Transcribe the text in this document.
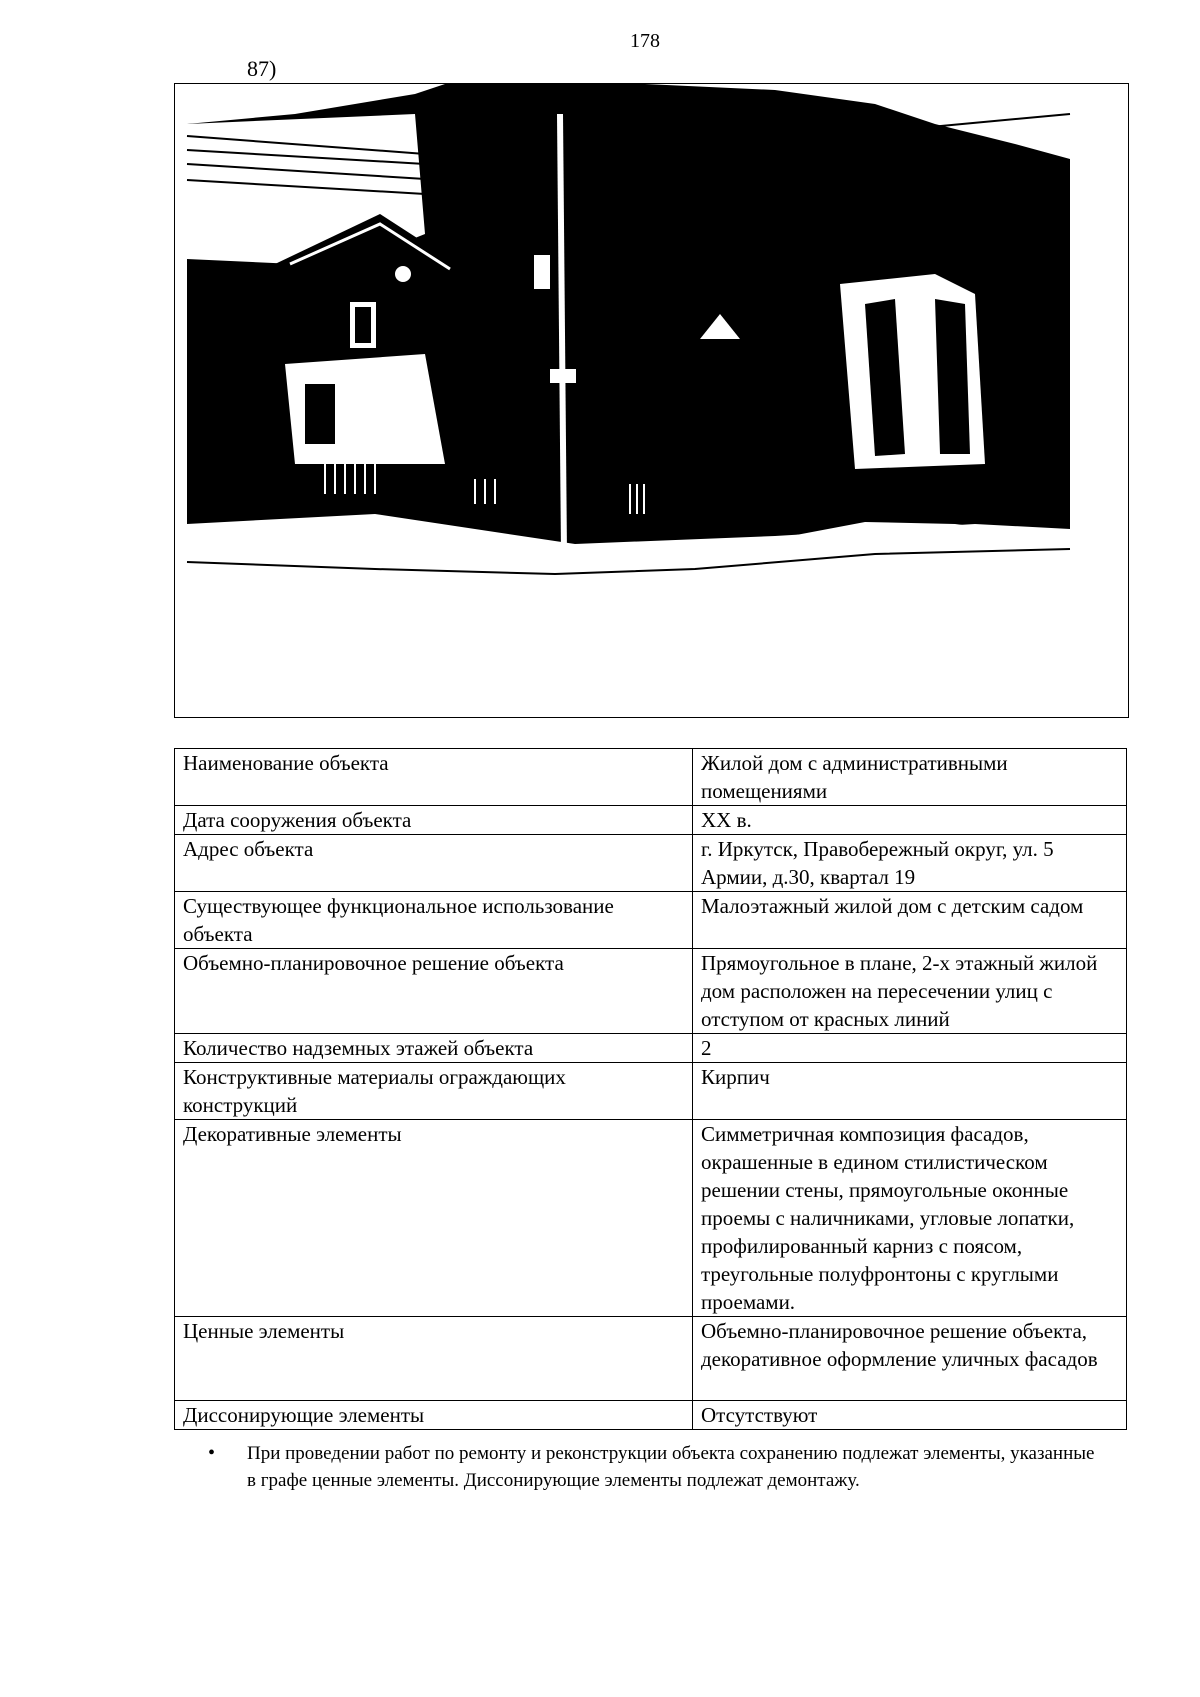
178
87)
Наименование объекта	Жилой дом с административными помещениями
Дата сооружения объекта	XX в.
Адрес объекта	г. Иркутск, Правобережный округ, ул. 5 Армии, д.30, квартал 19
Существующее функциональное использование объекта	Малоэтажный жилой дом с детским садом
Объемно-планировочное решение объекта	Прямоугольное в плане, 2-х этажный жилой дом расположен на пересечении улиц с отступом от красных линий
Количество надземных этажей объекта	2
Конструктивные материалы ограждающих конструкций	Кирпич
Декоративные элементы	Симметричная композиция фасадов, окрашенные в едином стилистическом решении стены, прямоугольные оконные проемы с наличниками, угловые лопатки, профилированный карниз с поясом, треугольные полуфронтоны с круглыми проемами.
Ценные элементы	Объемно-планировочное решение объекта, декоративное оформление уличных фасадов
Диссонирующие элементы	Отсутствуют
• При проведении работ по ремонту и реконструкции объекта сохранению подлежат элементы, указанные в графе ценные элементы. Диссонирующие элементы подлежат демонтажу.
